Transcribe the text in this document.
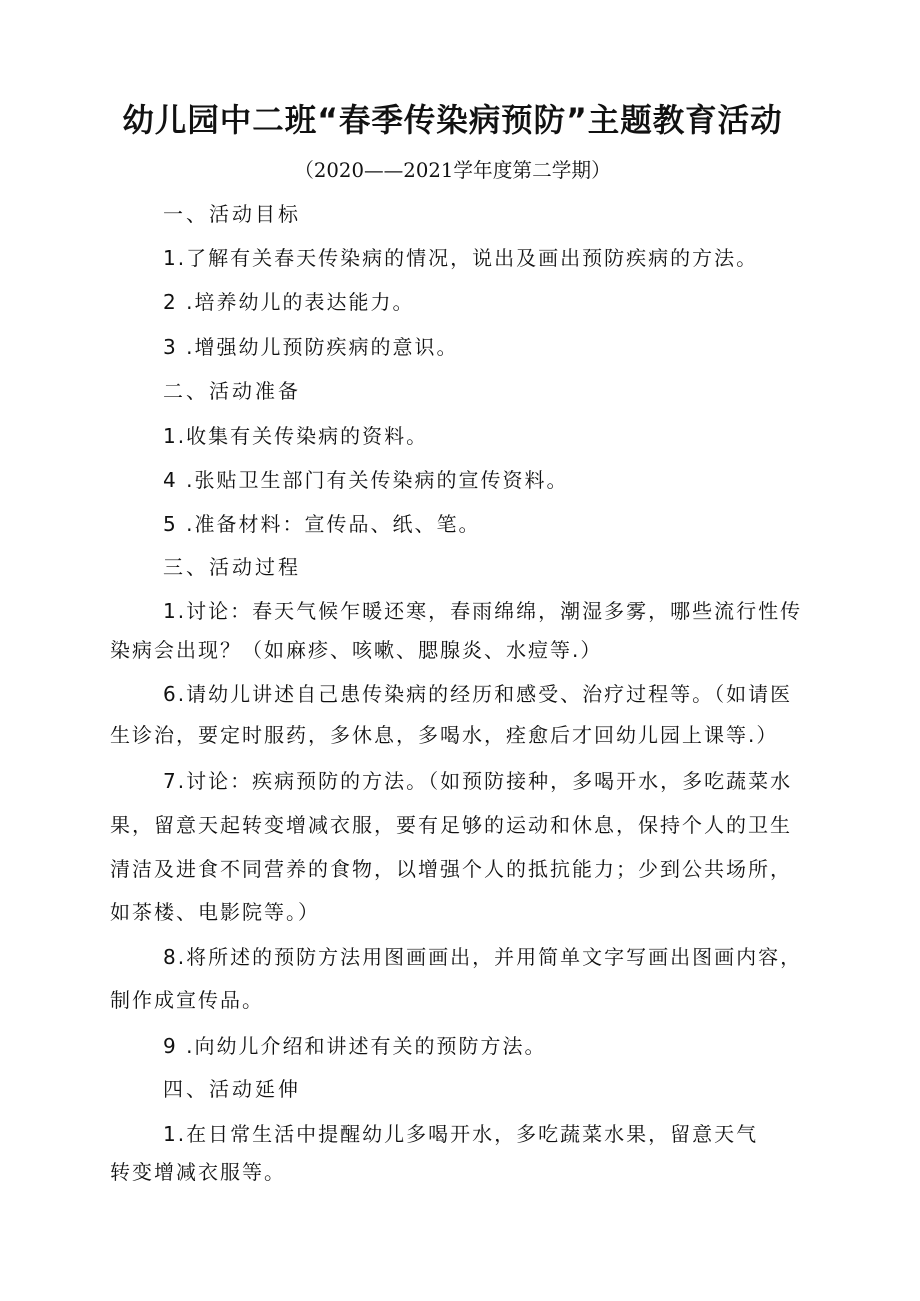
幼儿园中二班“春季传染病预防”主题教育活动
（2020——2021学年度第二学期）
一、活动目标
1.了解有关春天传染病的情况，说出及画出预防疾病的方法。
2 .培养幼儿的表达能力。
3 .增强幼儿预防疾病的意识。
二、活动准备
1.收集有关传染病的资料。
4 .张贴卫生部门有关传染病的宣传资料。
5 .准备材料：宣传品、纸、笔。
三、活动过程
1.讨论：春天气候乍暖还寒，春雨绵绵，潮湿多雾，哪些流行性传
染病会出现？（如麻疹、咳嗽、腮腺炎、水痘等.）
6.请幼儿讲述自己患传染病的经历和感受、治疗过程等。（如请医
生诊治，要定时服药，多休息，多喝水，痊愈后才回幼儿园上课等.）
7.讨论：疾病预防的方法。（如预防接种，多喝开水，多吃蔬菜水
果，留意天起转变增减衣服，要有足够的运动和休息，保持个人的卫生
清洁及进食不同营养的食物，以增强个人的抵抗能力；少到公共场所，
如茶楼、电影院等。）
8.将所述的预防方法用图画画出，并用简单文字写画出图画内容，
制作成宣传品。
9 .向幼儿介绍和讲述有关的预防方法。
四、活动延伸
1.在日常生活中提醒幼儿多喝开水，多吃蔬菜水果，留意天气
转变增减衣服等。
